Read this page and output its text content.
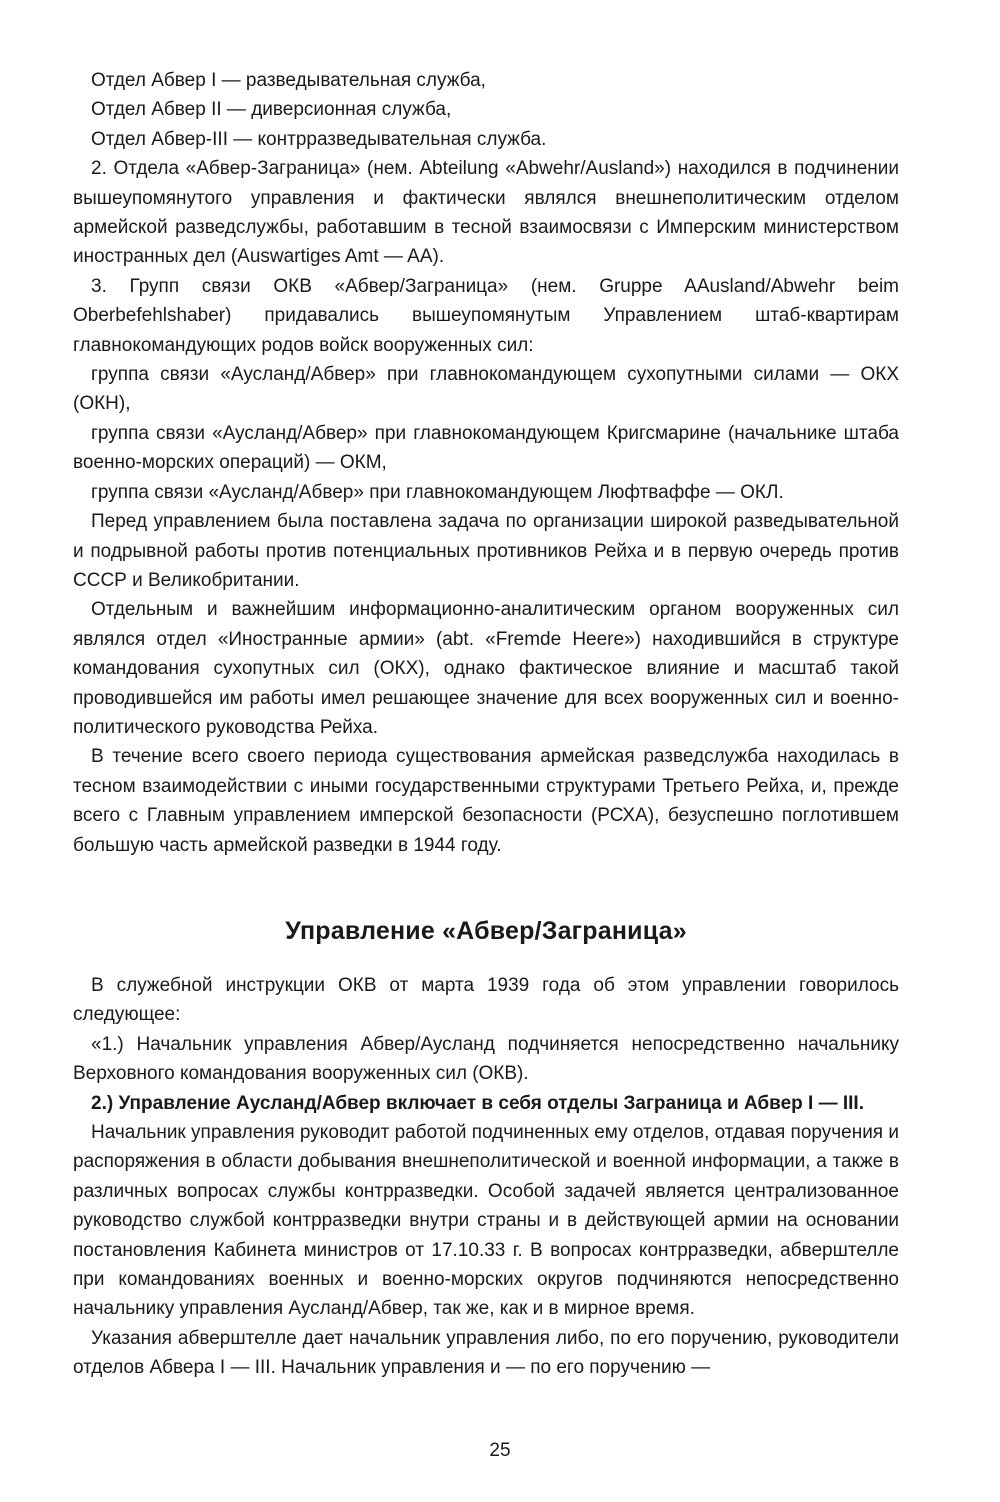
Отдел Абвер I — разведывательная служба,

Отдел Абвер II — диверсионная служба,

Отдел Абвер-III — контрразведывательная служба.

2. Отдела «Абвер-Заграница» (нем. Abteilung «Abwehr/Ausland») находился в подчинении вышеупомянутого управления и фактически являлся внешнеполитическим отделом армейской разведслужбы, работавшим в тесной взаимосвязи с Имперским министерством иностранных дел (Auswartiges Amt — AA).

3. Групп связи ОКВ «Абвер/Заграница» (нем. Gruppe AAusland/Abwehr beim Oberbefehlshaber) придавались вышеупомянутым Управлением штаб-квартирам главнокомандующих родов войск вооруженных сил:

группа связи «Аусланд/Абвер» при главнокомандующем сухопутными силами — ОКХ (ОКН),

группа связи «Аусланд/Абвер» при главнокомандующем Кригсмарине (начальнике штаба военно-морских операций) — ОКМ,

группа связи «Аусланд/Абвер» при главнокомандующем Люфтваффе — ОКЛ.

Перед управлением была поставлена задача по организации широкой разведывательной и подрывной работы против потенциальных противников Рейха и в первую очередь против СССР и Великобритании.

Отдельным и важнейшим информационно-аналитическим органом вооруженных сил являлся отдел «Иностранные армии» (abt. «Fremde Heere») находившийся в структуре командования сухопутных сил (ОКХ), однако фактическое влияние и масштаб такой проводившейся им работы имел решающее значение для всех вооруженных сил и военно-политического руководства Рейха.

В течение всего своего периода существования армейская разведслужба находилась в тесном взаимодействии с иными государственными структурами Третьего Рейха, и, прежде всего с Главным управлением имперской безопасности (РСХА), безуспешно поглотившем большую часть армейской разведки в 1944 году.

Управление «Абвер/Заграница»

В служебной инструкции ОКВ от марта 1939 года об этом управлении говорилось следующее:

«1.) Начальник управления Абвер/Аусланд подчиняется непосредственно начальнику Верховного командования вооруженных сил (ОКВ).

2.) Управление Аусланд/Абвер включает в себя отделы Заграница и Абвер I — III.

Начальник управления руководит работой подчиненных ему отделов, отдавая поручения и распоряжения в области добывания внешнеполитической и военной информации, а также в различных вопросах службы контрразведки. Особой задачей является централизованное руководство службой контрразведки внутри страны и в действующей армии на основании постановления Кабинета министров от 17.10.33 г. В вопросах контрразведки, абверштелле при командованиях военных и военно-морских округов подчиняются непосредственно начальнику управления Аусланд/Абвер, так же, как и в мирное время.

Указания абверштелле дает начальник управления либо, по его поручению, руководители отделов Абвера I — III. Начальник управления и — по его поручению —

25
